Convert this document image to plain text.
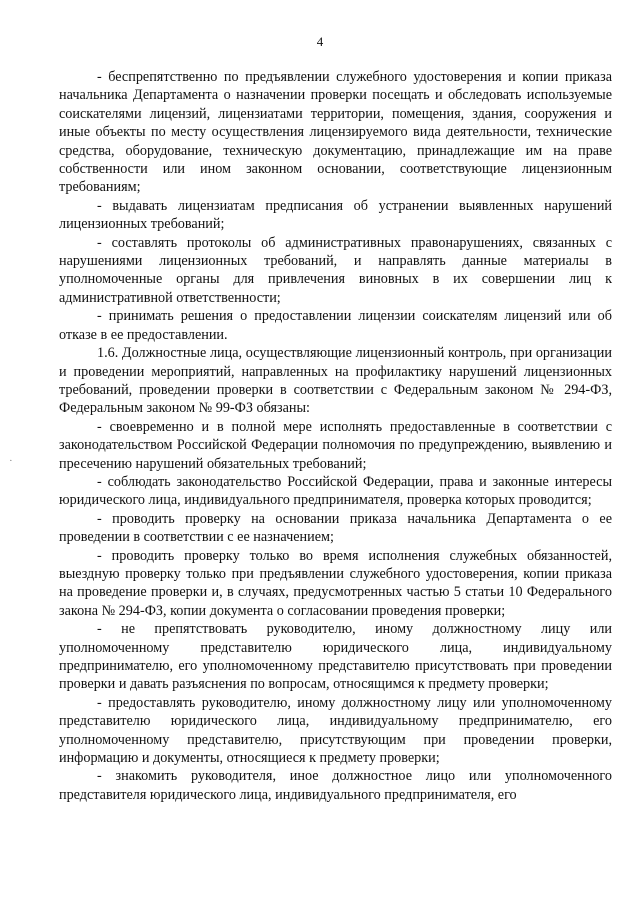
4

- беспрепятственно по предъявлении служебного удостоверения и копии приказа начальника Департамента о назначении проверки посещать и обследовать используемые соискателями лицензий, лицензиатами территории, помещения, здания, сооружения и иные объекты по месту осуществления лицензируемого вида деятельности, технические средства, оборудование, техническую документацию, принадлежащие им на праве собственности или ином законном основании, соответствующие лицензионным требованиям;

- выдавать лицензиатам предписания об устранении выявленных нарушений лицензионных требований;

- составлять протоколы об административных правонарушениях, связанных с нарушениями лицензионных требований, и направлять данные материалы в уполномоченные органы для привлечения виновных в их совершении лиц к административной ответственности;

- принимать решения о предоставлении лицензии соискателям лицензий или об отказе в ее предоставлении.

1.6. Должностные лица, осуществляющие лицензионный контроль, при организации и проведении мероприятий, направленных на профилактику нарушений лицензионных требований, проведении проверки в соответствии с Федеральным законом № 294-ФЗ, Федеральным законом № 99-ФЗ обязаны:

- своевременно и в полной мере исполнять предоставленные в соответствии с законодательством Российской Федерации полномочия по предупреждению, выявлению и пресечению нарушений обязательных требований;

- соблюдать законодательство Российской Федерации, права и законные интересы юридического лица, индивидуального предпринимателя, проверка которых проводится;

- проводить проверку на основании приказа начальника Департамента о ее проведении в соответствии с ее назначением;

- проводить проверку только во время исполнения служебных обязанностей, выездную проверку только при предъявлении служебного удостоверения, копии приказа на проведение проверки и, в случаях, предусмотренных частью 5 статьи 10 Федерального закона № 294-ФЗ, копии документа о согласовании проведения проверки;

- не препятствовать руководителю, иному должностному лицу или уполномоченному представителю юридического лица, индивидуальному предпринимателю, его уполномоченному представителю присутствовать при проведении проверки и давать разъяснения по вопросам, относящимся к предмету проверки;

- предоставлять руководителю, иному должностному лицу или уполномоченному представителю юридического лица, индивидуальному предпринимателю, его уполномоченному представителю, присутствующим при проведении проверки, информацию и документы, относящиеся к предмету проверки;

- знакомить руководителя, иное должностное лицо или уполномоченного представителя юридического лица, индивидуального предпринимателя, его

·
